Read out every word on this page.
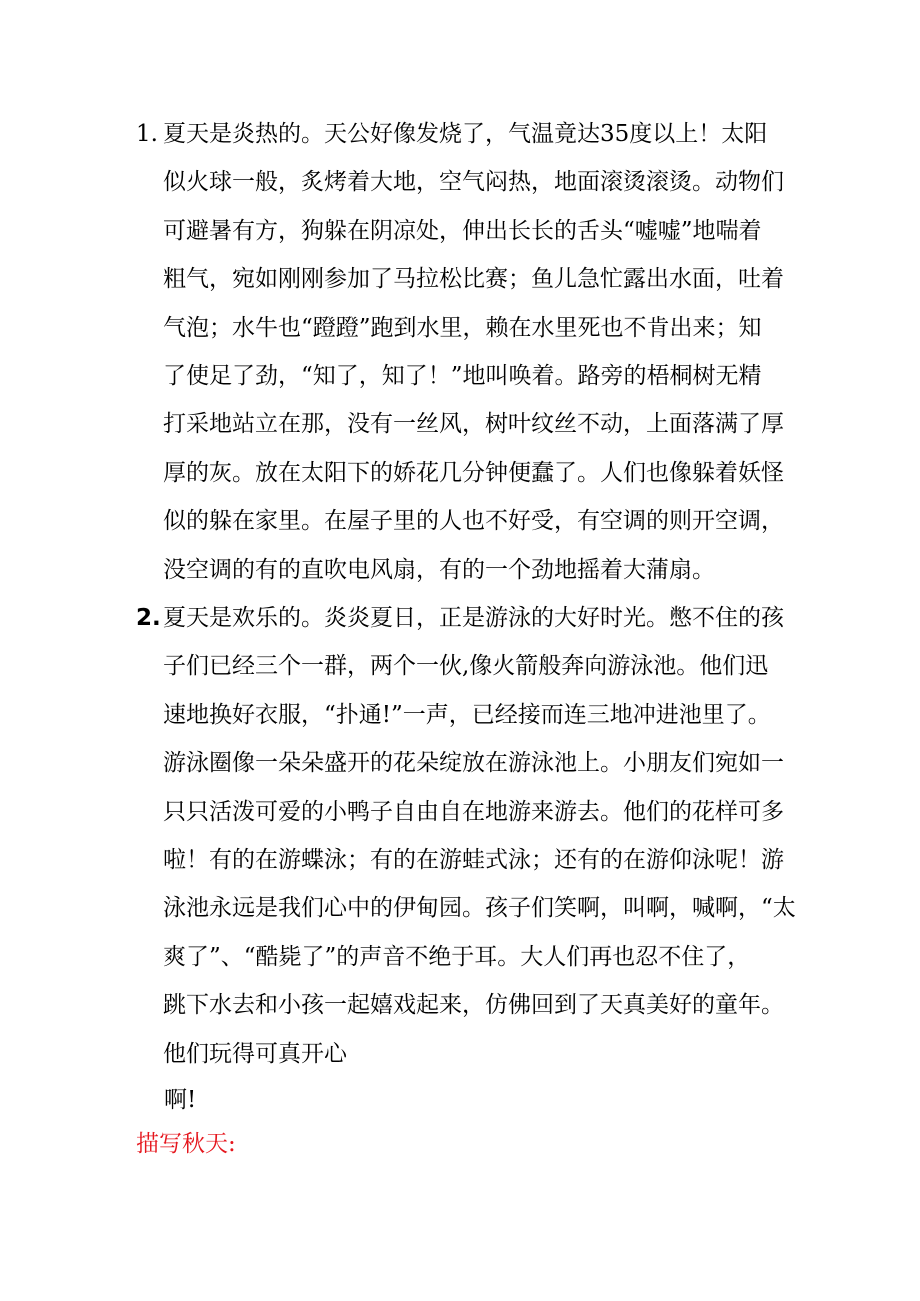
1. 夏天是炎热的。天公好像发烧了，气温竟达35度以上！太阳
似火球一般，炙烤着大地，空气闷热，地面滚烫滚烫。动物们
可避暑有方，狗躲在阴凉处，伸出长长的舌头“嘘嘘”地喘着
粗气，宛如刚刚参加了马拉松比赛；鱼儿急忙露出水面，吐着
气泡；水牛也“蹬蹬”跑到水里，赖在水里死也不肯出来；知
了使足了劲，“知了，知了！”地叫唤着。路旁的梧桐树无精
打采地站立在那，没有一丝风，树叶纹丝不动，上面落满了厚
厚的灰。放在太阳下的娇花几分钟便蠢了。人们也像躲着妖怪
似的躲在家里。在屋子里的人也不好受，有空调的则开空调，
没空调的有的直吹电风扇，有的一个劲地摇着大蒲扇。
2. 夏天是欢乐的。炎炎夏日，正是游泳的大好时光。憋不住的孩
子们已经三个一群，两个一伙,像火箭般奔向游泳池。他们迅
速地换好衣服，“扑通!”一声，已经接而连三地冲进池里了。
游泳圈像一朵朵盛开的花朵绽放在游泳池上。小朋友们宛如一
只只活泼可爱的小鸭子自由自在地游来游去。他们的花样可多
啦！有的在游蝶泳；有的在游蛙式泳；还有的在游仰泳呢！游
泳池永远是我们心中的伊甸园。孩子们笑啊，叫啊，喊啊，“太
爽了”、“酷毙了”的声音不绝于耳。大人们再也忍不住了，
跳下水去和小孩一起嬉戏起来，仿佛回到了天真美好的童年。
他们玩得可真开心
啊!
描写秋天:
